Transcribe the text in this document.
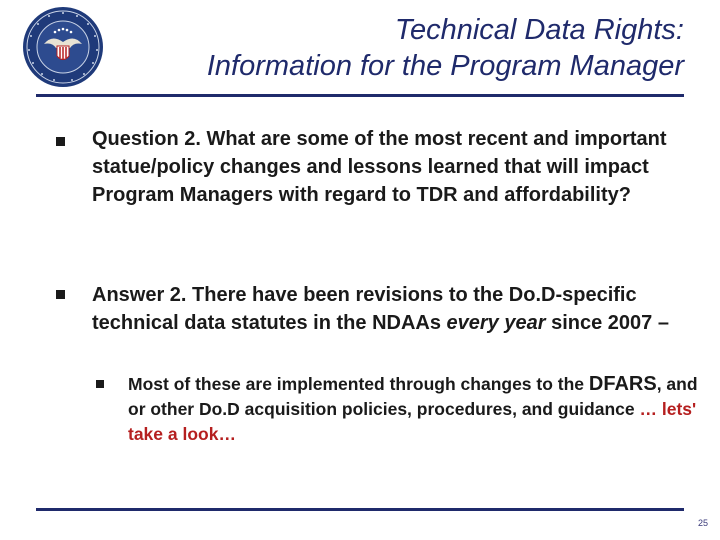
Technical Data Rights:
Information for the Program Manager
Question 2. What are some of the most recent and important statue/policy changes and lessons learned that will impact Program Managers with regard to TDR and affordability?
Answer 2. There have been revisions to the Do.D-specific technical data statutes in the NDAAs every year since 2007 –
Most of these are implemented through changes to the DFARS, and or other Do.D acquisition policies, procedures, and guidance … lets' take a look…
25
